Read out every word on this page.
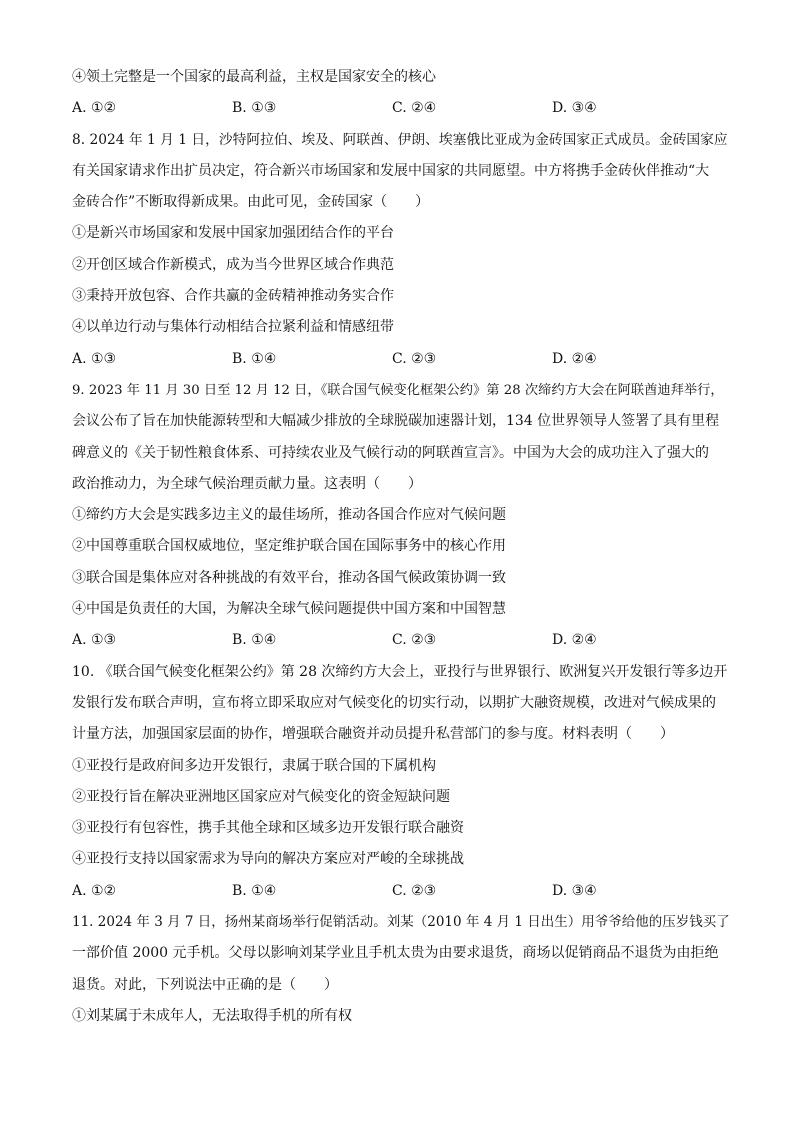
④领土完整是一个国家的最高利益，主权是国家安全的核心
A. ①②	B. ①③	C. ②④	D. ③④
8. 2024 年 1 月 1 日，沙特阿拉伯、埃及、阿联酋、伊朗、埃塞俄比亚成为金砖国家正式成员。金砖国家应
有关国家请求作出扩员决定，符合新兴市场国家和发展中国家的共同愿望。中方将携手金砖伙伴推动“大
金砖合作”不断取得新成果。由此可见，金砖国家（　　）
①是新兴市场国家和发展中国家加强团结合作的平台
②开创区域合作新模式，成为当今世界区域合作典范
③秉持开放包容、合作共赢的金砖精神推动务实合作
④以单边行动与集体行动相结合拉紧利益和情感纽带
A. ①③	B. ①④	C. ②③	D. ②④
9. 2023 年 11 月 30 日至 12 月 12 日，《联合国气候变化框架公约》第 28 次缔约方大会在阿联酋迪拜举行，
会议公布了旨在加快能源转型和大幅减少排放的全球脱碳加速器计划，134 位世界领导人签署了具有里程
碑意义的《关于韧性粮食体系、可持续农业及气候行动的阿联酋宣言》。中国为大会的成功注入了强大的
政治推动力，为全球气候治理贡献力量。这表明（　　）
①缔约方大会是实践多边主义的最佳场所，推动各国合作应对气候问题
②中国尊重联合国权威地位，坚定维护联合国在国际事务中的核心作用
③联合国是集体应对各种挑战的有效平台，推动各国气候政策协调一致
④中国是负责任的大国，为解决全球气候问题提供中国方案和中国智慧
A. ①③	B. ①④	C. ②③	D. ②④
10. 《联合国气候变化框架公约》第 28 次缔约方大会上，亚投行与世界银行、欧洲复兴开发银行等多边开
发银行发布联合声明，宣布将立即采取应对气候变化的切实行动，以期扩大融资规模，改进对气候成果的
计量方法，加强国家层面的协作，增强联合融资并动员提升私营部门的参与度。材料表明（　　）
①亚投行是政府间多边开发银行，隶属于联合国的下属机构
②亚投行旨在解决亚洲地区国家应对气候变化的资金短缺问题
③亚投行有包容性，携手其他全球和区域多边开发银行联合融资
④亚投行支持以国家需求为导向的解决方案应对严峻的全球挑战
A. ①②	B. ①④	C. ②③	D. ③④
11. 2024 年 3 月 7 日，扬州某商场举行促销活动。刘某（2010 年 4 月 1 日出生）用爷爷给他的压岁钱买了
一部价值 2000 元手机。父母以影响刘某学业且手机太贵为由要求退货，商场以促销商品不退货为由拒绝
退货。对此，下列说法中正确的是（　　）
①刘某属于未成年人，无法取得手机的所有权
